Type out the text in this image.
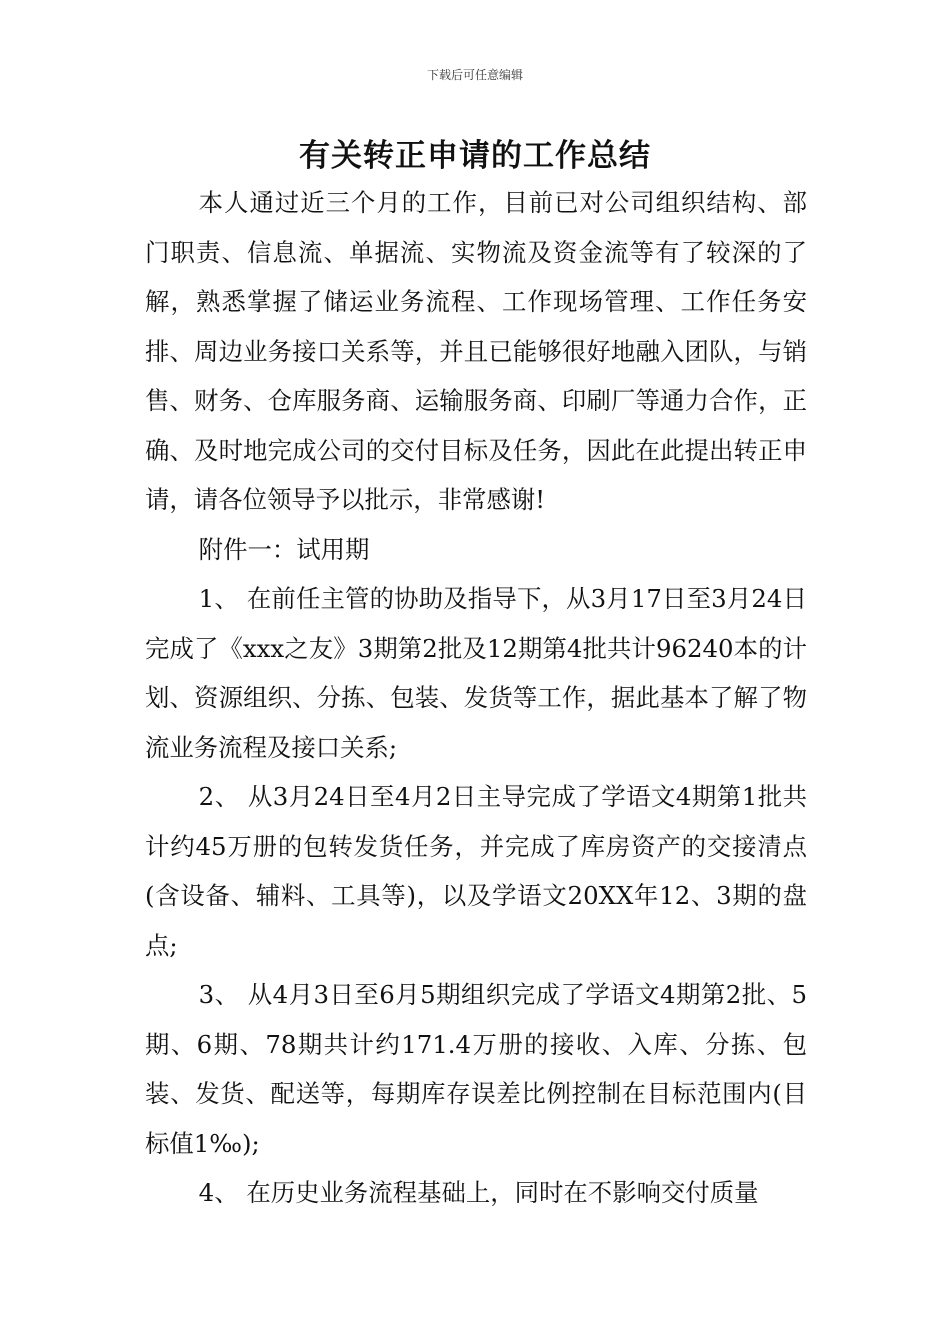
下载后可任意编辑
有关转正申请的工作总结

本人通过近三个月的工作，目前已对公司组织结构、部门职责、信息流、单据流、实物流及资金流等有了较深的了解，熟悉掌握了储运业务流程、工作现场管理、工作任务安排、周边业务接口关系等，并且已能够很好地融入团队，与销售、财务、仓库服务商、运输服务商、印刷厂等通力合作，正确、及时地完成公司的交付目标及任务，因此在此提出转正申请，请各位领导予以批示，非常感谢!

附件一：试用期

1、 在前任主管的协助及指导下，从3月17日至3月24日完成了《xxx之友》3期第2批及12期第4批共计96240本的计划、资源组织、分拣、包装、发货等工作，据此基本了解了物流业务流程及接口关系;

2、 从3月24日至4月2日主导完成了学语文4期第1批共计约45万册的包转发货任务，并完成了库房资产的交接清点(含设备、辅料、工具等)，以及学语文20XX年12、3期的盘点;

3、 从4月3日至6月5期组织完成了学语文4期第2批、5期、6期、78期共计约171.4万册的接收、入库、分拣、包装、发货、配送等，每期库存误差比例控制在目标范围内(目标值1‰);

4、 在历史业务流程基础上，同时在不影响交付质量
